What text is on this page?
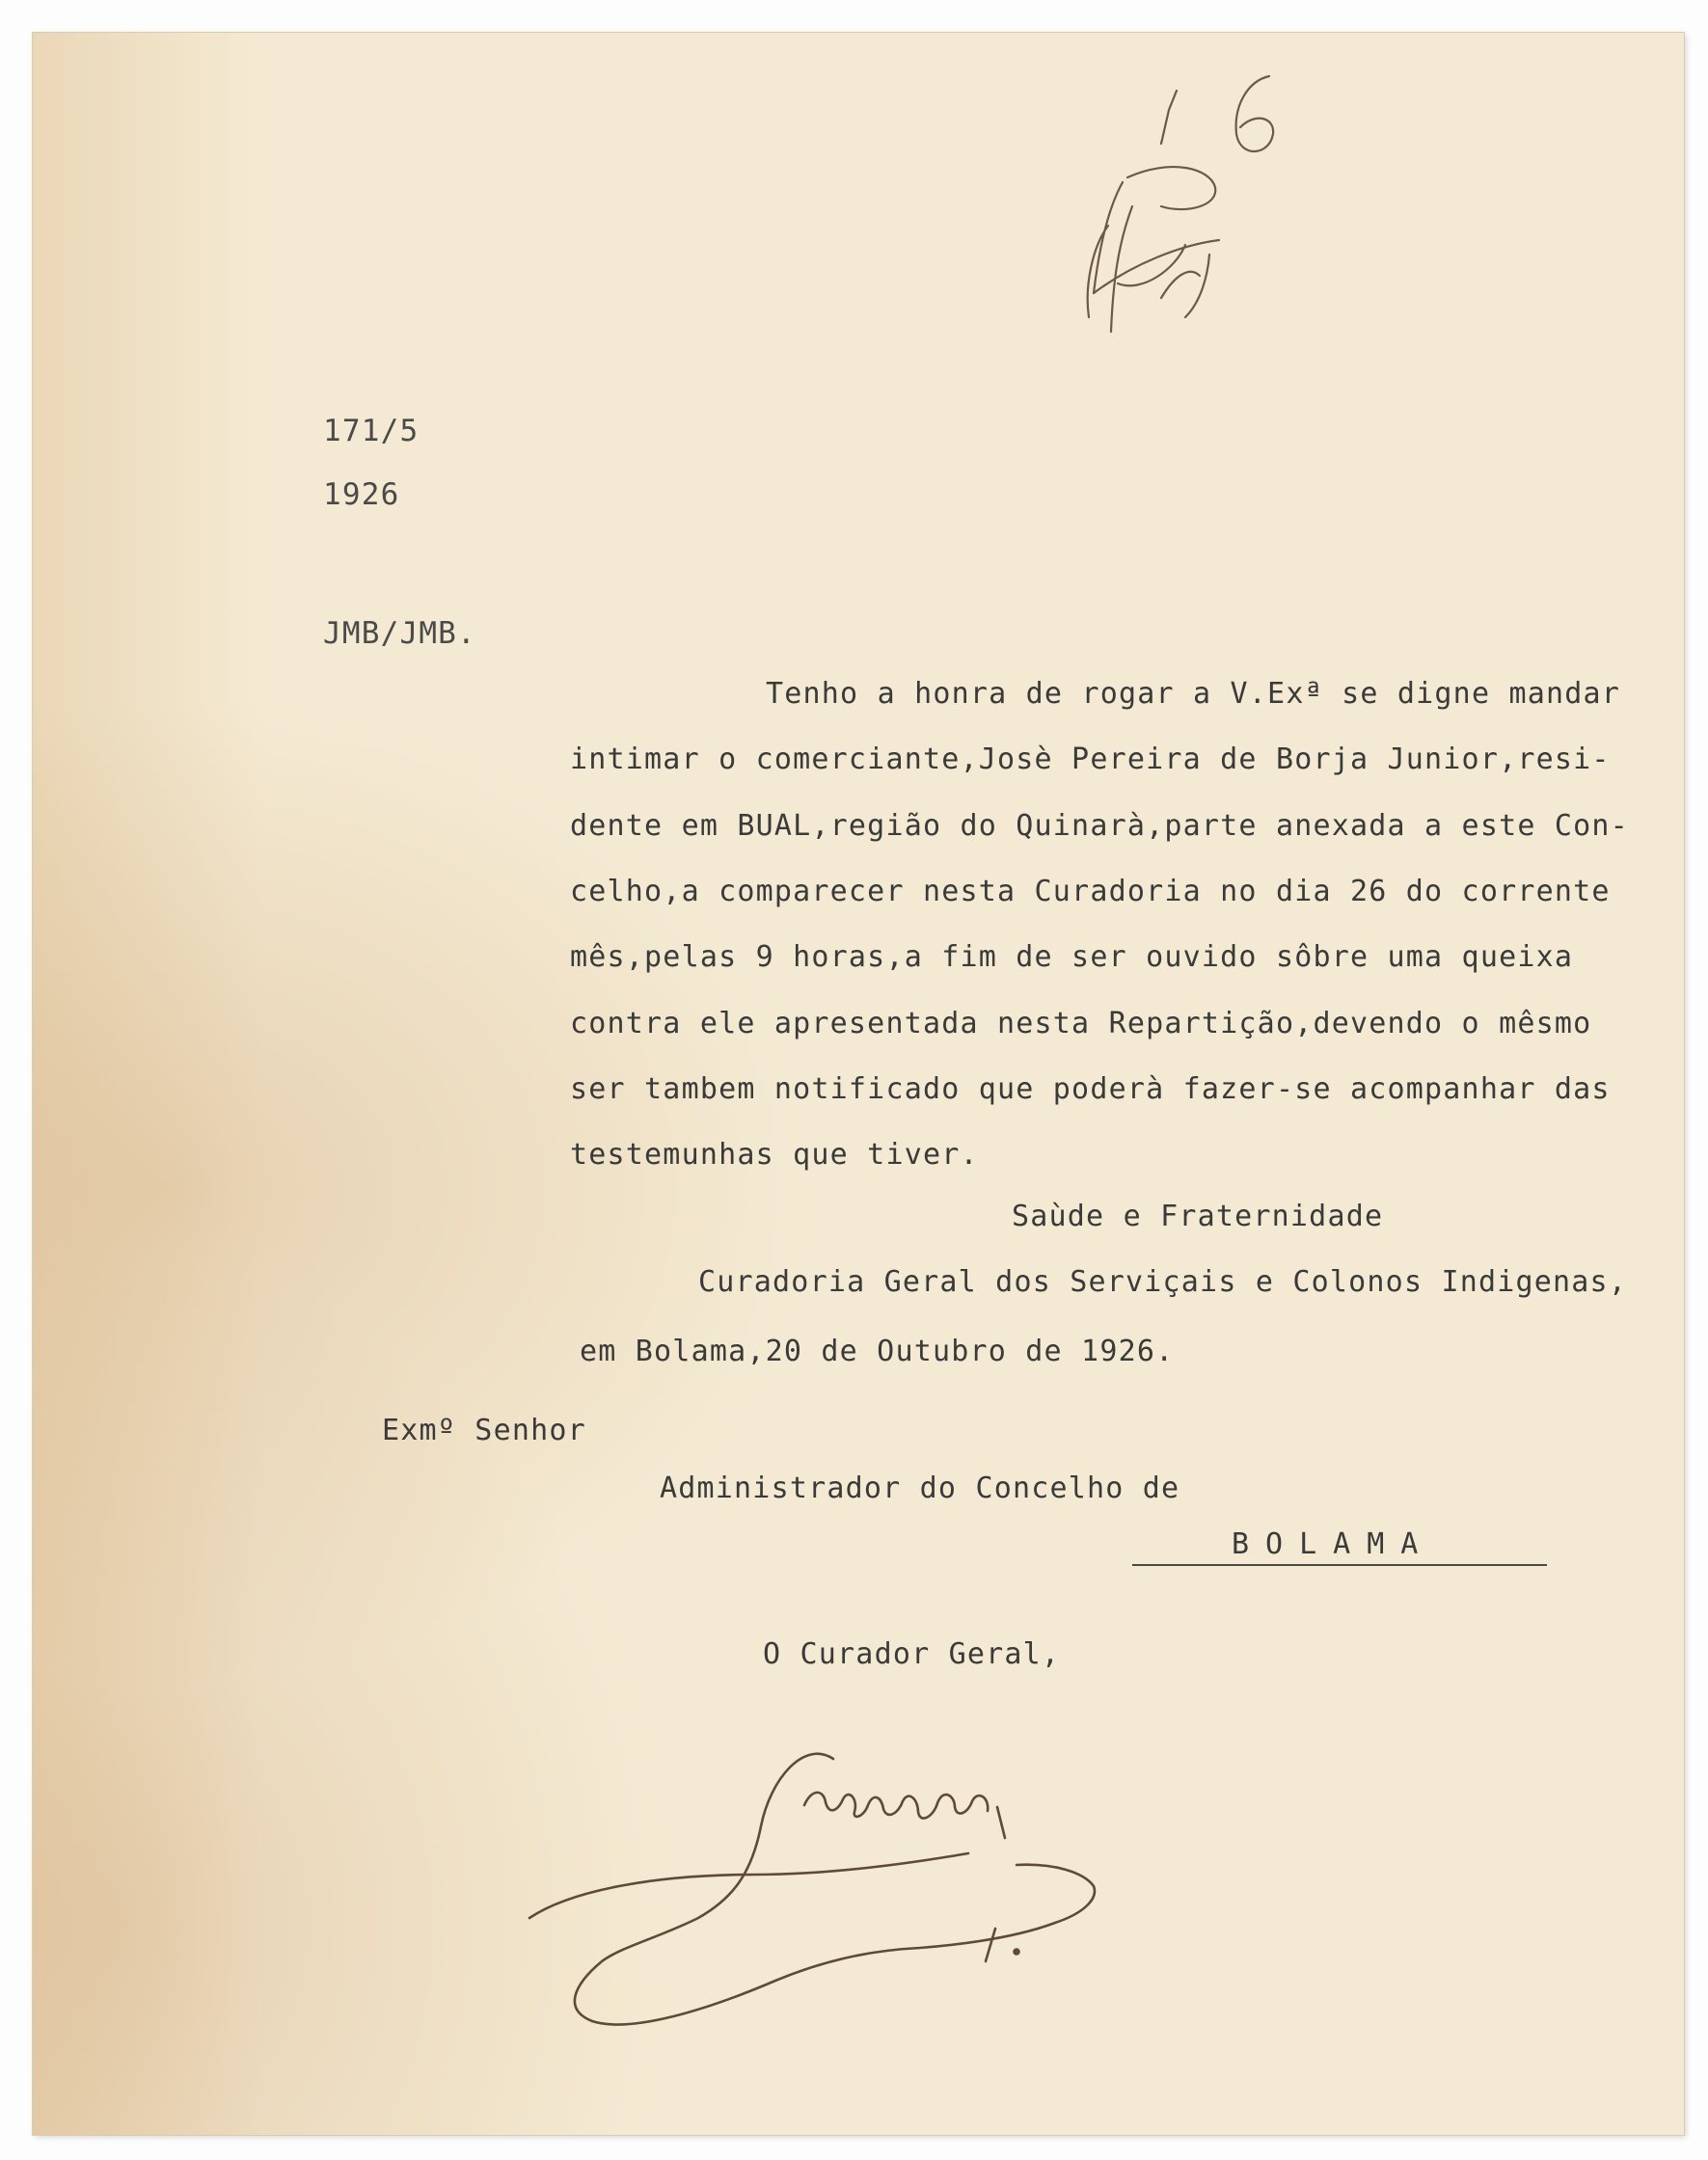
171/5
1926
JMB/JMB.
Tenho a honra de rogar a V.Exª se digne mandar
intimar o comerciante,Josè Pereira de Borja Junior,resi-
dente em BUAL,região do Quinarà,parte anexada a este Con-
celho,a comparecer nesta Curadoria no dia 26 do corrente
mês,pelas 9 horas,a fim de ser ouvido sôbre uma queixa
contra ele apresentada nesta Repartição,devendo o mêsmo
ser tambem notificado que poderà fazer-se acompanhar das
testemunhas que tiver.
Saùde e Fraternidade
Curadoria Geral dos Serviçais e Colonos Indigenas,
em Bolama,20 de Outubro de 1926.
Exmº Senhor
Administrador do Concelho de
BOLAMA
O Curador Geral,
